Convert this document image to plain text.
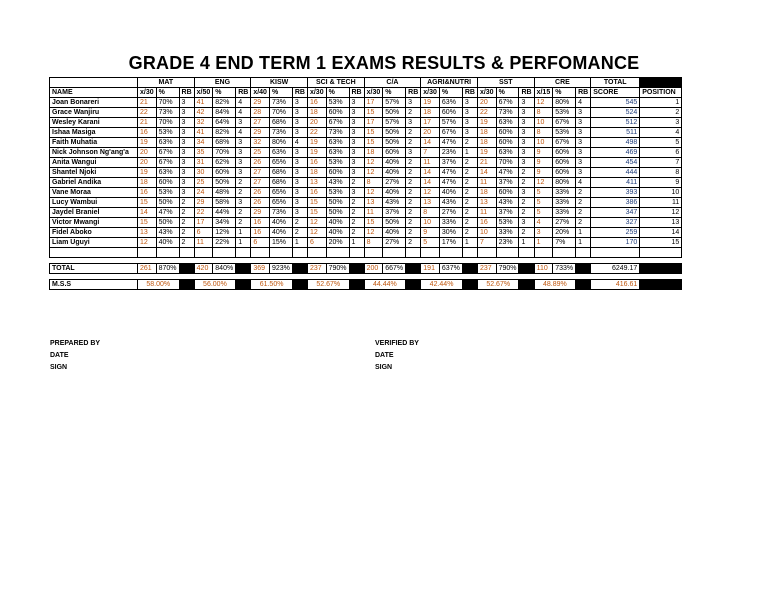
GRADE 4 END TERM 1 EXAMS RESULTS & PERFOMANCE
	MAT			ENG			KISW			SCI & TECH			C/A			AGRI&NUTRI			SST			CRE			TOTAL	
NAME	x/30	%	RB	x/50	%	RB	x/40	%	RB	x/30	%	RB	x/30	%	RB	x/30	%	RB	x/30	%	RB	x/15	%	RB	SCORE	POSITION
Joan Bonareri	21	70%	3	41	82%	4	29	73%	3	16	53%	3	17	57%	3	19	63%	3	20	67%	3	12	80%	4	545	1
Grace Wanjiru	22	73%	3	42	84%	4	28	70%	3	18	60%	3	15	50%	2	18	60%	3	22	73%	3	8	53%	3	524	2
Wesley Karani	21	70%	3	32	64%	3	27	68%	3	20	67%	3	17	57%	3	17	57%	3	19	63%	3	10	67%	3	512	3
Ishaa Masiga	16	53%	3	41	82%	4	29	73%	3	22	73%	3	15	50%	2	20	67%	3	18	60%	3	8	53%	3	511	4
Faith Muhatia	19	63%	3	34	68%	3	32	80%	4	19	63%	3	15	50%	2	14	47%	2	18	60%	3	10	67%	3	498	5
Nick Johnson Ng'ang'a	20	67%	3	35	70%	3	25	63%	3	19	63%	3	18	60%	3	7	23%	1	19	63%	3	9	60%	3	469	6
Anita Wangui	20	67%	3	31	62%	3	26	65%	3	16	53%	3	12	40%	2	11	37%	2	21	70%	3	9	60%	3	454	7
Shantel Njoki	19	63%	3	30	60%	3	27	68%	3	18	60%	3	12	40%	2	14	47%	2	14	47%	2	9	60%	3	444	8
Gabriel Andika	18	60%	3	25	50%	2	27	68%	3	13	43%	2	8	27%	2	14	47%	2	11	37%	2	12	80%	4	411	9
Vane Moraa	16	53%	3	24	48%	2	26	65%	3	16	53%	3	12	40%	2	12	40%	2	18	60%	3	5	33%	2	393	10
Lucy Wambui	15	50%	2	29	58%	3	26	65%	3	15	50%	2	13	43%	2	13	43%	2	13	43%	2	5	33%	2	386	11
Jaydel Braniel	14	47%	2	22	44%	2	29	73%	3	15	50%	2	11	37%	2	8	27%	2	11	37%	2	5	33%	2	347	12
Victor Mwangi	15	50%	2	17	34%	2	16	40%	2	12	40%	2	15	50%	2	10	33%	2	16	53%	3	4	27%	2	327	13
Fidel Aboko	13	43%	2	6	12%	1	16	40%	2	12	40%	2	12	40%	2	9	30%	2	10	33%	2	3	20%	1	259	14
Liam Uguyi	12	40%	2	11	22%	1	6	15%	1	6	20%	1	8	27%	2	5	17%	1	7	23%	1	1	7%	1	170	15

TOTAL	261	870%		420	840%		369	923%		237	790%		200	667%		191	637%		237	790%		110	733%		6249.17	

M.S.S	58.00%			56.00%			61.50%			52.67%			44.44%			42.44%			52.67%			48.89%			416.61	
PREPARED BY
DATE
SIGN
VERIFIED BY
DATE
SIGN
